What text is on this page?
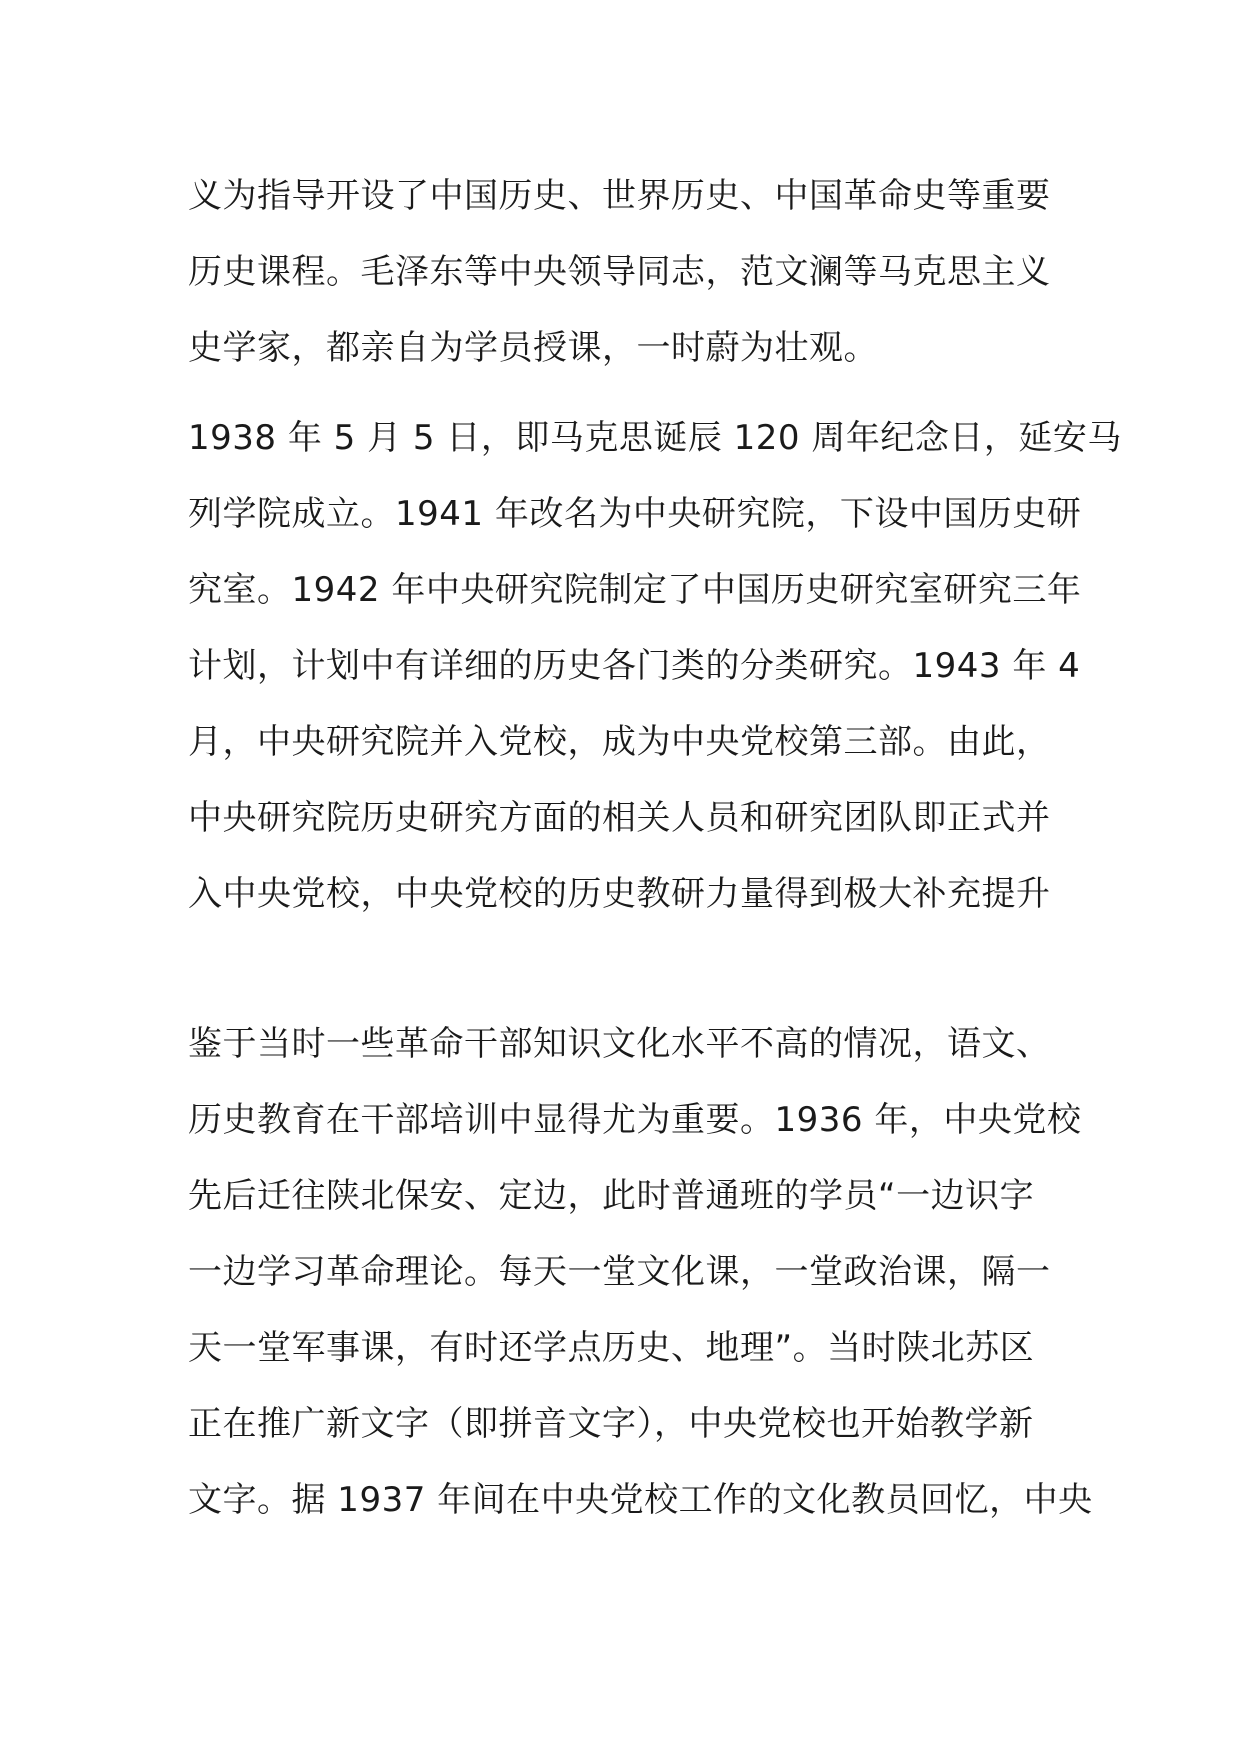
义为指导开设了中国历史、世界历史、中国革命史等重要
历史课程。毛泽东等中央领导同志，范文澜等马克思主义
史学家，都亲自为学员授课，一时蔚为壮观。
1938 年 5 月 5 日，即马克思诞辰 120 周年纪念日，延安马
列学院成立。1941 年改名为中央研究院，下设中国历史研
究室。1942 年中央研究院制定了中国历史研究室研究三年
计划，计划中有详细的历史各门类的分类研究。1943 年 4
月，中央研究院并入党校，成为中央党校第三部。由此，
中央研究院历史研究方面的相关人员和研究团队即正式并
入中央党校，中央党校的历史教研力量得到极大补充提升
鉴于当时一些革命干部知识文化水平不高的情况，语文、
历史教育在干部培训中显得尤为重要。1936 年，中央党校
先后迁往陕北保安、定边，此时普通班的学员“一边识字
一边学习革命理论。每天一堂文化课，一堂政治课，隔一
天一堂军事课，有时还学点历史、地理”。当时陕北苏区
正在推广新文字（即拼音文字），中央党校也开始教学新
文字。据 1937 年间在中央党校工作的文化教员回忆，中央
